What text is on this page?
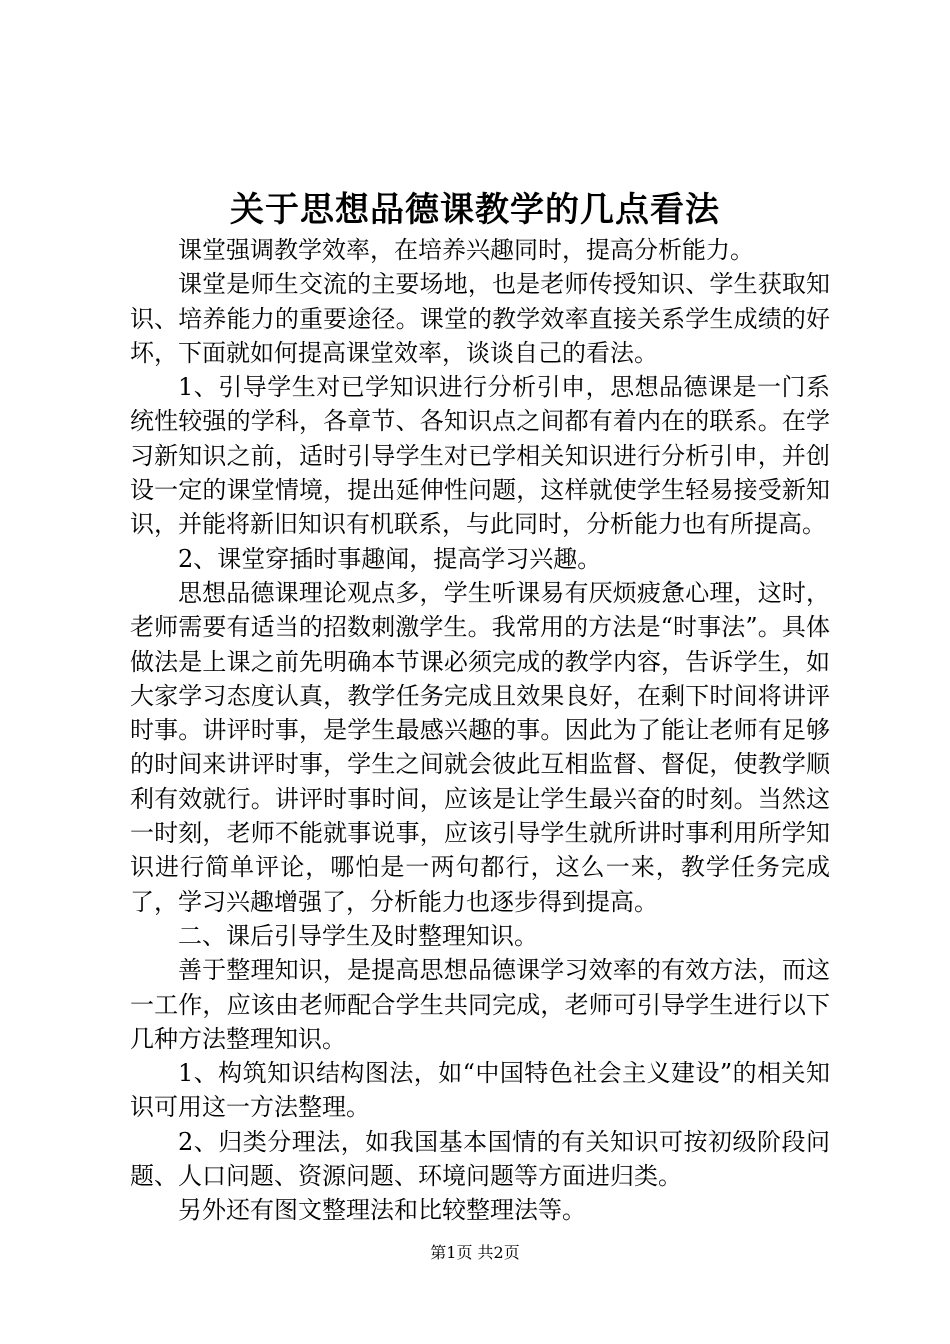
关于思想品德课教学的几点看法

课堂强调教学效率，在培养兴趣同时，提高分析能力。

课堂是师生交流的主要场地，也是老师传授知识、学生获取知识、培养能力的重要途径。课堂的教学效率直接关系学生成绩的好坏，下面就如何提高课堂效率，谈谈自己的看法。

1、引导学生对已学知识进行分析引申，思想品德课是一门系统性较强的学科，各章节、各知识点之间都有着内在的联系。在学习新知识之前，适时引导学生对已学相关知识进行分析引申，并创设一定的课堂情境，提出延伸性问题，这样就使学生轻易接受新知识，并能将新旧知识有机联系，与此同时，分析能力也有所提高。

2、课堂穿插时事趣闻，提高学习兴趣。

思想品德课理论观点多，学生听课易有厌烦疲惫心理，这时，老师需要有适当的招数刺激学生。我常用的方法是“时事法”。具体做法是上课之前先明确本节课必须完成的教学内容，告诉学生，如大家学习态度认真，教学任务完成且效果良好，在剩下时间将讲评时事。讲评时事，是学生最感兴趣的事。因此为了能让老师有足够的时间来讲评时事，学生之间就会彼此互相监督、督促，使教学顺利有效就行。讲评时事时间，应该是让学生最兴奋的时刻。当然这一时刻，老师不能就事说事，应该引导学生就所讲时事利用所学知识进行简单评论，哪怕是一两句都行，这么一来，教学任务完成了，学习兴趣增强了，分析能力也逐步得到提高。

二、课后引导学生及时整理知识。

善于整理知识，是提高思想品德课学习效率的有效方法，而这一工作，应该由老师配合学生共同完成，老师可引导学生进行以下几种方法整理知识。

1、构筑知识结构图法，如“中国特色社会主义建设”的相关知识可用这一方法整理。

2、归类分理法，如我国基本国情的有关知识可按初级阶段问题、人口问题、资源问题、环境问题等方面进归类。

另外还有图文整理法和比较整理法等。

第1页 共2页
